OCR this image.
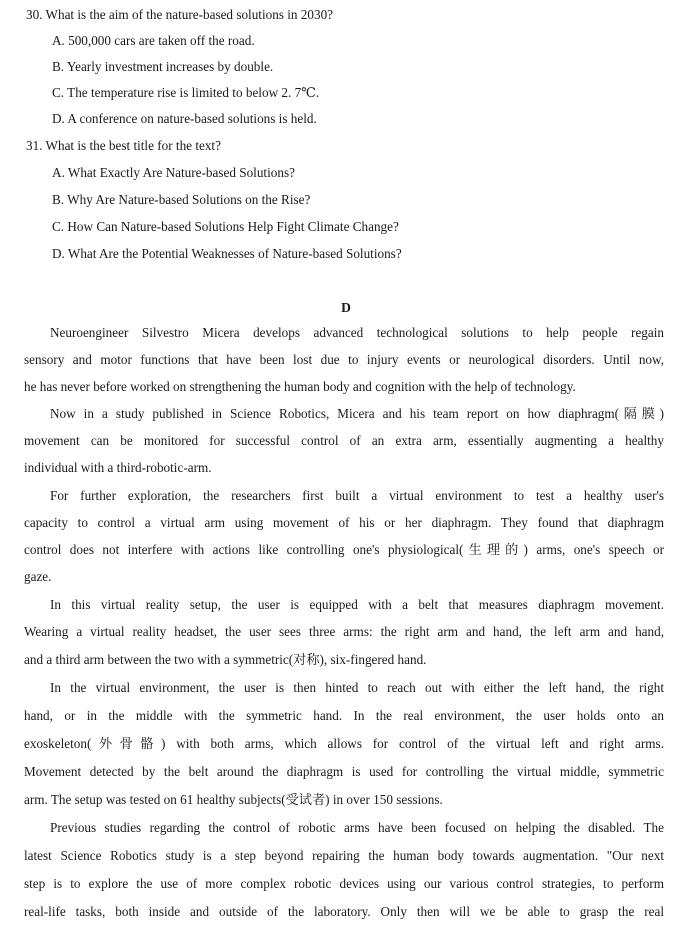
30. What is the aim of the nature-based solutions in 2030?
A. 500,000 cars are taken off the road.
B. Yearly investment increases by double.
C. The temperature rise is limited to below 2. 7℃.
D. A conference on nature-based solutions is held.
31. What is the best title for the text?
A. What Exactly Are Nature-based Solutions?
B. Why Are Nature-based Solutions on the Rise?
C. How Can Nature-based Solutions Help Fight Climate Change?
D. What Are the Potential Weaknesses of Nature-based Solutions?
D
Neuroengineer Silvestro Micera develops advanced technological solutions to help people regain
sensory and motor functions that have been lost due to injury events or neurological disorders. Until now,
he has never before worked on strengthening the human body and cognition with the help of technology.
Now in a study published in Science Robotics, Micera and his team report on how diaphragm(隔膜)
movement can be monitored for successful control of an extra arm, essentially augmenting a healthy
individual with a third-robotic-arm.
For further exploration, the researchers first built a virtual environment to test a healthy user's
capacity to control a virtual arm using movement of his or her diaphragm. They found that diaphragm
control does not interfere with actions like controlling one's physiological(生理的) arms, one's speech or
gaze.
In this virtual reality setup, the user is equipped with a belt that measures diaphragm movement.
Wearing a virtual reality headset, the user sees three arms: the right arm and hand, the left arm and hand,
and a third arm between the two with a symmetric(对称), six-fingered hand.
In the virtual environment, the user is then hinted to reach out with either the left hand, the right
hand, or in the middle with the symmetric hand. In the real environment, the user holds onto an
exoskeleton(外骨骼) with both arms, which allows for control of the virtual left and right arms.
Movement detected by the belt around the diaphragm is used for controlling the virtual middle, symmetric
arm. The setup was tested on 61 healthy subjects(受试者) in over 150 sessions.
Previous studies regarding the control of robotic arms have been focused on helping the disabled. The
latest Science Robotics study is a step beyond repairing the human body towards augmentation. "Our next
step is to explore the use of more complex robotic devices using our various control strategies, to perform
real-life tasks, both inside and outside of the laboratory. Only then will we be able to grasp the real
